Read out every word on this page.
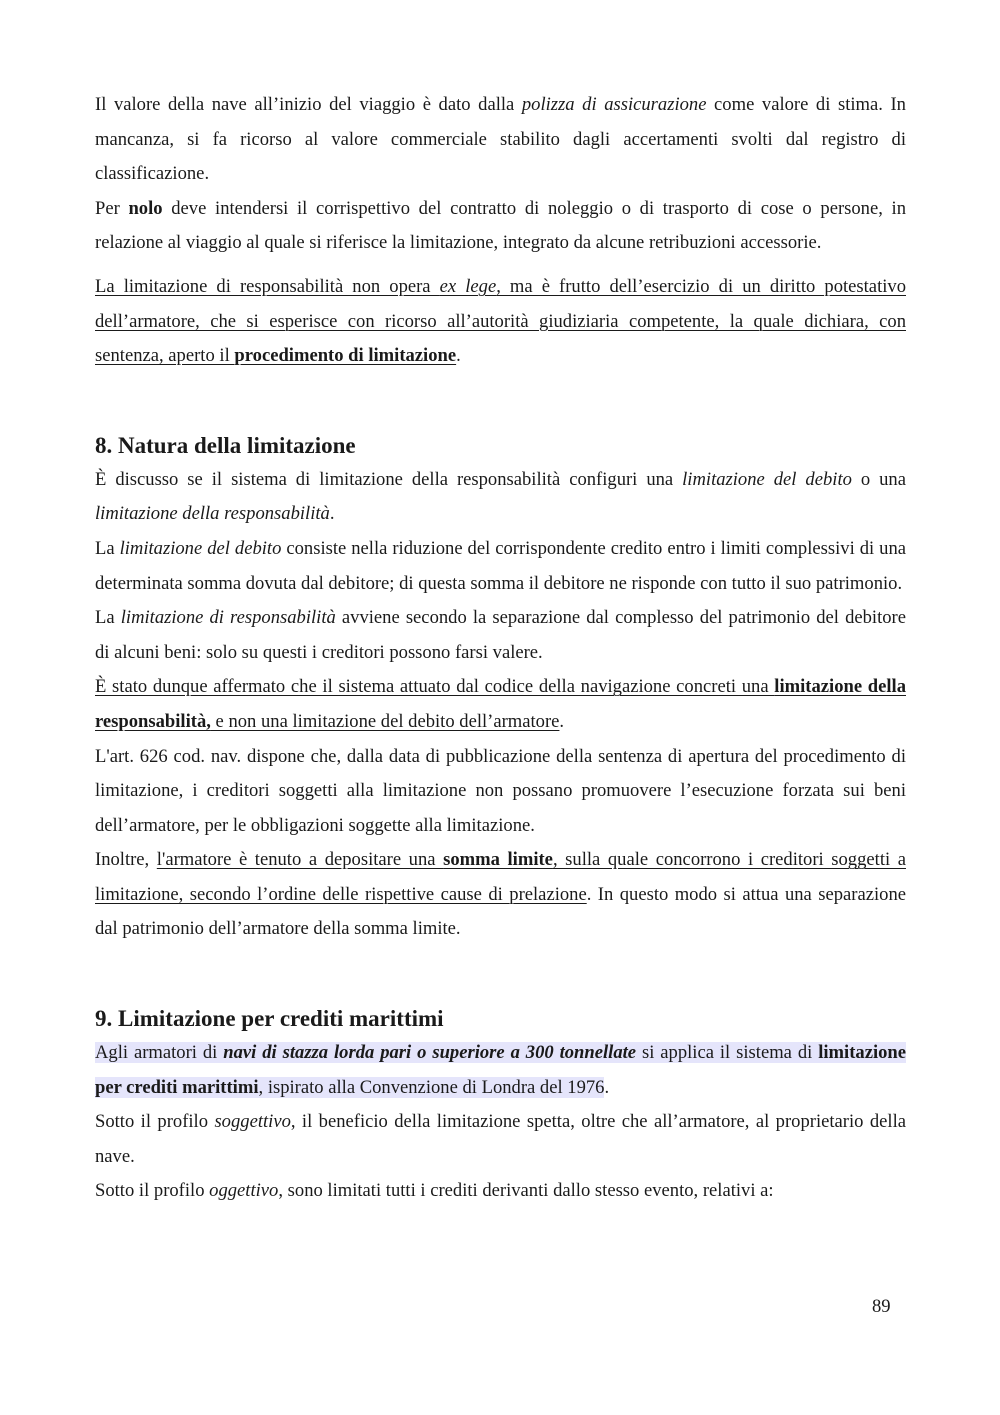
Il valore della nave all’inizio del viaggio è dato dalla polizza di assicurazione come valore di stima. In mancanza, si fa ricorso al valore commerciale stabilito dagli accertamenti svolti dal registro di classificazione.

Per nolo deve intendersi il corrispettivo del contratto di noleggio o di trasporto di cose o persone, in relazione al viaggio al quale si riferisce la limitazione, integrato da alcune retribuzioni accessorie.

La limitazione di responsabilità non opera ex lege, ma è frutto dell’esercizio di un diritto potestativo dell’armatore, che si esperisce con ricorso all’autorità giudiziaria competente, la quale dichiara, con sentenza, aperto il procedimento di limitazione.

8. Natura della limitazione

È discusso se il sistema di limitazione della responsabilità configuri una limitazione del debito o una limitazione della responsabilità.

La limitazione del debito consiste nella riduzione del corrispondente credito entro i limiti complessivi di una determinata somma dovuta dal debitore; di questa somma il debitore ne risponde con tutto il suo patrimonio.

La limitazione di responsabilità avviene secondo la separazione dal complesso del patrimonio del debitore di alcuni beni: solo su questi i creditori possono farsi valere.

È stato dunque affermato che il sistema attuato dal codice della navigazione concreti una limitazione della responsabilità, e non una limitazione del debito dell’armatore.

L'art. 626 cod. nav. dispone che, dalla data di pubblicazione della sentenza di apertura del procedimento di limitazione, i creditori soggetti alla limitazione non possano promuovere l’esecuzione forzata sui beni dell’armatore, per le obbligazioni soggette alla limitazione.

Inoltre, l'armatore è tenuto a depositare una somma limite, sulla quale concorrono i creditori soggetti a limitazione, secondo l’ordine delle rispettive cause di prelazione. In questo modo si attua una separazione dal patrimonio dell’armatore della somma limite.

9. Limitazione per crediti marittimi

Agli armatori di navi di stazza lorda pari o superiore a 300 tonnellate si applica il sistema di limitazione per crediti marittimi, ispirato alla Convenzione di Londra del 1976.

Sotto il profilo soggettivo, il beneficio della limitazione spetta, oltre che all’armatore, al proprietario della nave.

Sotto il profilo oggettivo, sono limitati tutti i crediti derivanti dallo stesso evento, relativi a:

89
